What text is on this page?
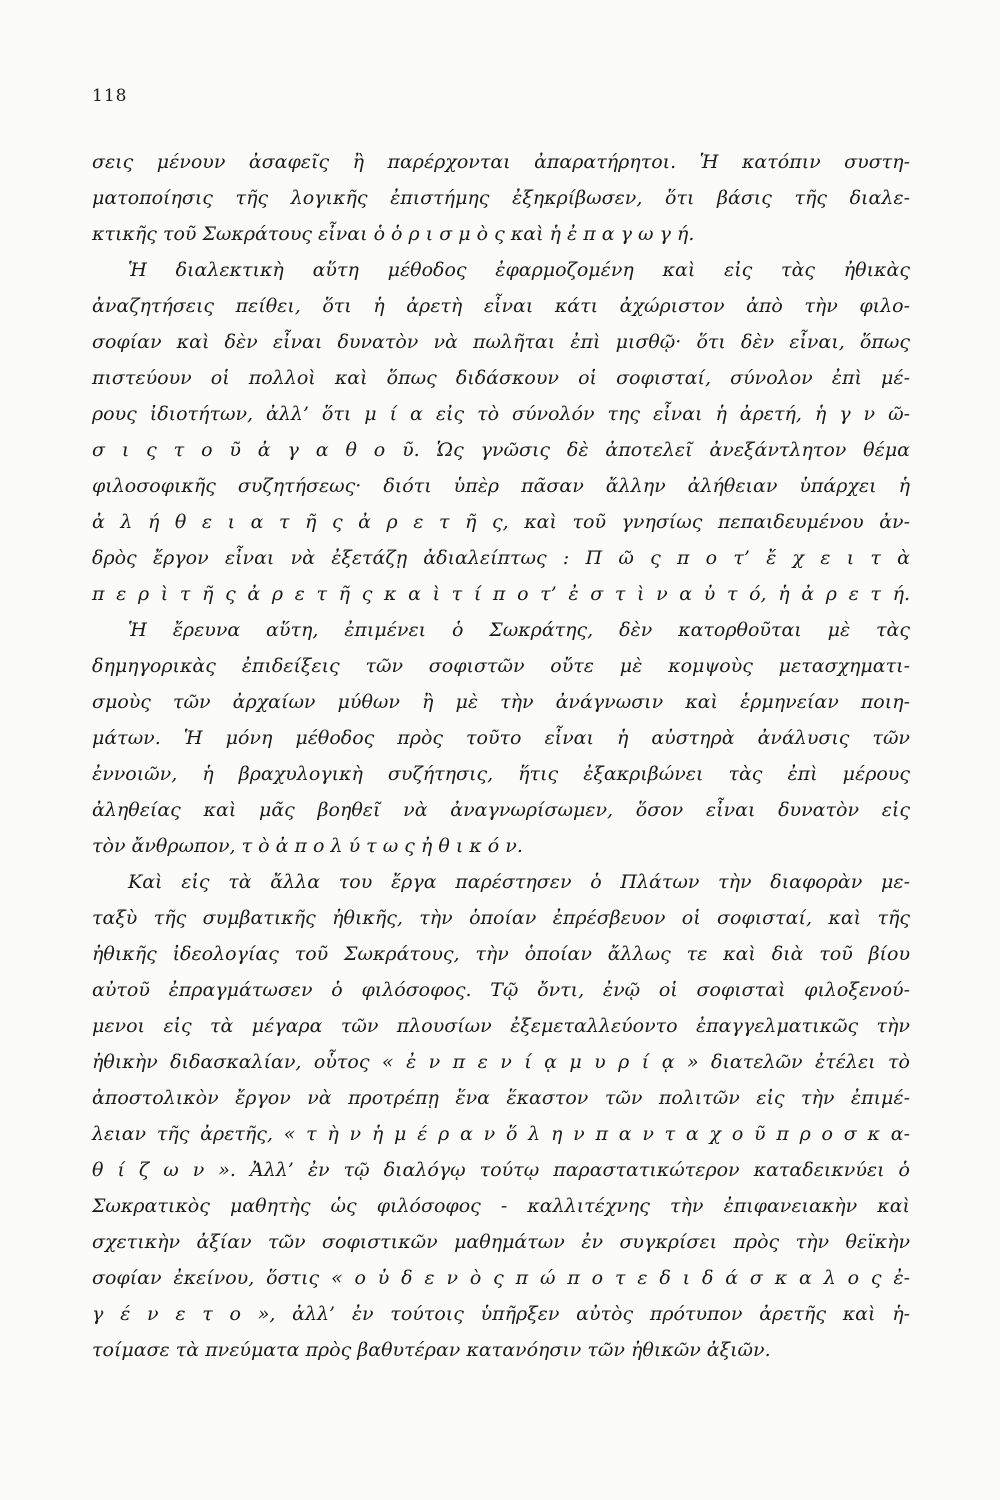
118
σεις μένουν ἀσαφεῖς ἢ παρέρχονται ἀπαρατήρητοι. Ἡ κατόπιν συστη-
ματοποίησις τῆς λογικῆς ἐπιστήμης ἐξηκρίβωσεν, ὅτι βάσις τῆς διαλε-
κτικῆς τοῦ Σωκράτους εἶναι ὁ ὁ ρ ι σ μ ὸ ς καὶ ἡ ἐ π α γ ω γ ή.
Ἡ διαλεκτικὴ αὕτη μέθοδος ἐφαρμοζομένη καὶ εἰς τὰς ἠθικὰς
ἀναζητήσεις πείθει, ὅτι ἡ ἀρετὴ εἶναι κάτι ἀχώριστον ἀπὸ τὴν φιλο-
σοφίαν καὶ δὲν εἶναι δυνατὸν νὰ πωλῆται ἐπὶ μισθῷ· ὅτι δὲν εἶναι, ὅπως
πιστεύουν οἱ πολλοὶ καὶ ὅπως διδάσκουν οἱ σοφισταί, σύνολον ἐπὶ μέ-
ρους ἰδιοτήτων, ἀλλ’ ὅτι μ ί α εἰς τὸ σύνολόν της εἶναι ἡ ἀρετή, ἡ γ ν ῶ-
σ ι ς τ ο ῦ ἀ γ α θ ο ῦ. Ὡς γνῶσις δὲ ἀποτελεῖ ἀνεξάντλητον θέμα
φιλοσοφικῆς συζητήσεως· διότι ὑπὲρ πᾶσαν ἄλλην ἀλήθειαν ὑπάρχει ἡ
ἀ λ ή θ ε ι α τ ῆ ς ἀ ρ ε τ ῆ ς, καὶ τοῦ γνησίως πεπαιδευμένου ἀν-
δρὸς ἔργον εἶναι νὰ ἐξετάζῃ ἀδιαλείπτως : Π ῶ ς π ο τ’ ἔ χ ε ι τ ὰ
π ε ρ ὶ τ ῆ ς ἀ ρ ε τ ῆ ς κ α ὶ τ ί π ο τ’ ἐ σ τ ὶ ν α ὐ τ ό, ἡ ἀ ρ ε τ ή.
Ἡ ἔρευνα αὕτη, ἐπιμένει ὁ Σωκράτης, δὲν κατορθοῦται μὲ τὰς
δημηγορικὰς ἐπιδείξεις τῶν σοφιστῶν οὔτε μὲ κομψοὺς μετασχηματι-
σμοὺς τῶν ἀρχαίων μύθων ἢ μὲ τὴν ἀνάγνωσιν καὶ ἑρμηνείαν ποιη-
μάτων. Ἡ μόνη μέθοδος πρὸς τοῦτο εἶναι ἡ αὐστηρὰ ἀνάλυσις τῶν
ἐννοιῶν, ἡ βραχυλογικὴ συζήτησις, ἥτις ἐξακριβώνει τὰς ἐπὶ μέρους
ἀληθείας καὶ μᾶς βοηθεῖ νὰ ἀναγνωρίσωμεν, ὅσον εἶναι δυνατὸν εἰς
τὸν ἄνθρωπον, τ ὸ ἀ π ο λ ύ τ ω ς ἠ θ ι κ ό ν.
Καὶ εἰς τὰ ἄλλα του ἔργα παρέστησεν ὁ Πλάτων τὴν διαφορὰν με-
ταξὺ τῆς συμβατικῆς ἠθικῆς, τὴν ὁποίαν ἐπρέσβευον οἱ σοφισταί, καὶ τῆς
ἠθικῆς ἰδεολογίας τοῦ Σωκράτους, τὴν ὁποίαν ἄλλως τε καὶ διὰ τοῦ βίου
αὐτοῦ ἐπραγμάτωσεν ὁ φιλόσοφος. Τῷ ὄντι, ἐνῷ οἱ σοφισταὶ φιλοξενού-
μενοι εἰς τὰ μέγαρα τῶν πλουσίων ἐξεμεταλλεύοντο ἐπαγγελματικῶς τὴν
ἠθικὴν διδασκαλίαν, οὗτος « ἐ ν π ε ν ί ᾳ μ υ ρ ί ᾳ » διατελῶν ἐτέλει τὸ
ἀποστολικὸν ἔργον νὰ προτρέπῃ ἕνα ἕκαστον τῶν πολιτῶν εἰς τὴν ἐπιμέ-
λειαν τῆς ἀρετῆς, « τ ὴ ν ἡ μ έ ρ α ν ὅ λ η ν π α ν τ α χ ο ῦ π ρ ο σ κ α-
θ ί ζ ω ν ». Ἀλλ’ ἐν τῷ διαλόγῳ τούτῳ παραστατικώτερον καταδεικνύει ὁ
Σωκρατικὸς μαθητὴς ὡς φιλόσοφος - καλλιτέχνης τὴν ἐπιφανειακὴν καὶ
σχετικὴν ἀξίαν τῶν σοφιστικῶν μαθημάτων ἐν συγκρίσει πρὸς τὴν θεϊκὴν
σοφίαν ἐκείνου, ὅστις « ο ὐ δ ε ν ὸ ς π ώ π ο τ ε δ ι δ ά σ κ α λ ο ς ἐ-
γ έ ν ε τ ο », ἀλλ’ ἐν τούτοις ὑπῆρξεν αὐτὸς πρότυπον ἀρετῆς καὶ ἡ-
τοίμασε τὰ πνεύματα πρὸς βαθυτέραν κατανόησιν τῶν ἠθικῶν ἀξιῶν.
